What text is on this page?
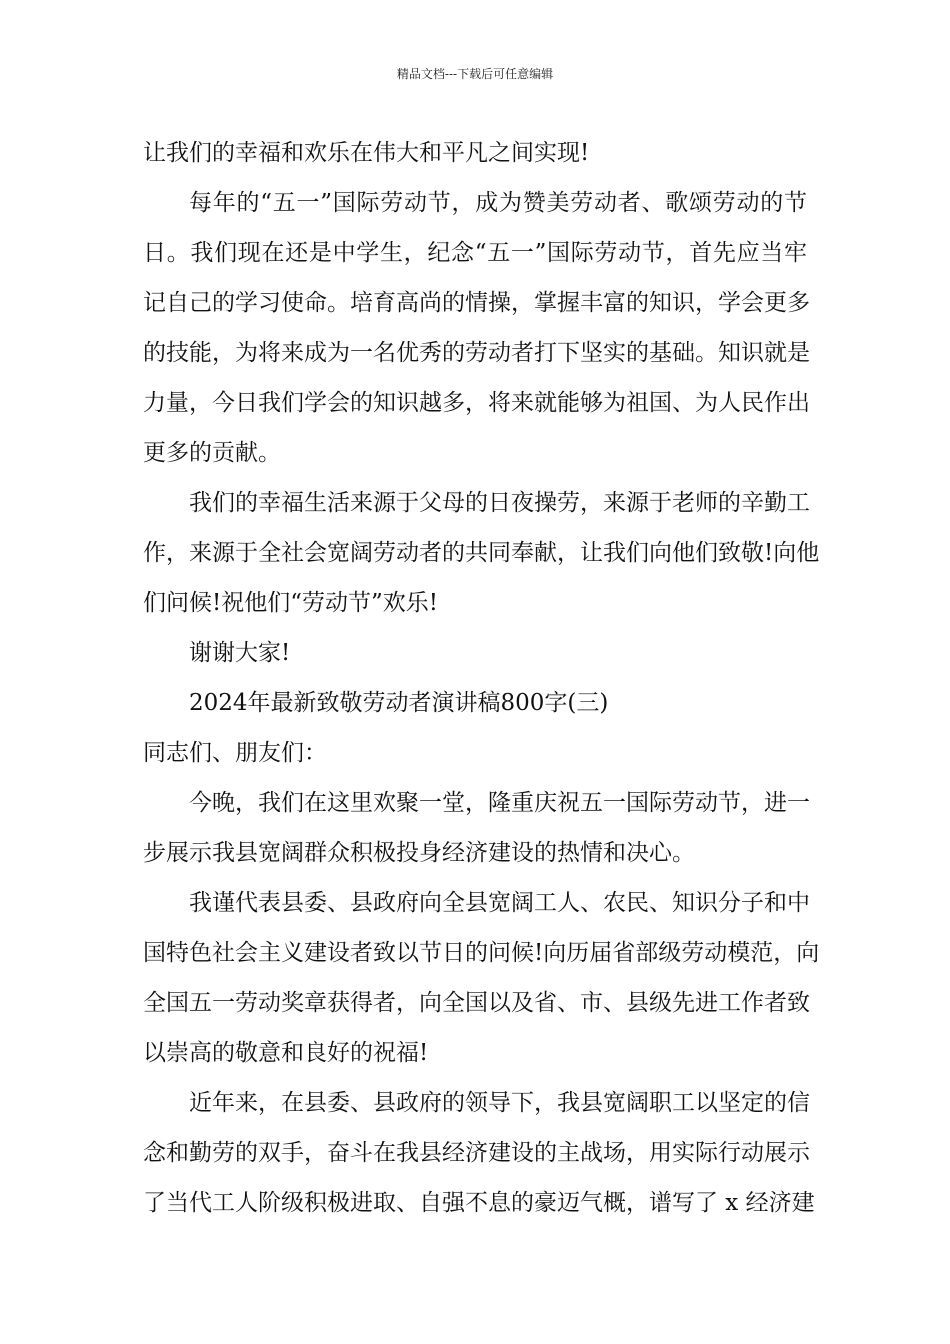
精品文档---下载后可任意编辑
让我们的幸福和欢乐在伟大和平凡之间实现!
每年的“五一”国际劳动节，成为赞美劳动者、歌颂劳动的节
日。我们现在还是中学生，纪念“五一”国际劳动节，首先应当牢
记自己的学习使命。培育高尚的情操，掌握丰富的知识，学会更多
的技能，为将来成为一名优秀的劳动者打下坚实的基础。知识就是
力量，今日我们学会的知识越多，将来就能够为祖国、为人民作出
更多的贡献。
我们的幸福生活来源于父母的日夜操劳，来源于老师的辛勤工
作，来源于全社会宽阔劳动者的共同奉献，让我们向他们致敬!向他
们问候!祝他们“劳动节”欢乐!
谢谢大家!
2024年最新致敬劳动者演讲稿800字(三)
同志们、朋友们：
今晚，我们在这里欢聚一堂，隆重庆祝五一国际劳动节，进一
步展示我县宽阔群众积极投身经济建设的热情和决心。
我谨代表县委、县政府向全县宽阔工人、农民、知识分子和中
国特色社会主义建设者致以节日的问候!向历届省部级劳动模范，向
全国五一劳动奖章获得者，向全国以及省、市、县级先进工作者致
以崇高的敬意和良好的祝福!
近年来，在县委、县政府的领导下，我县宽阔职工以坚定的信
念和勤劳的双手，奋斗在我县经济建设的主战场，用实际行动展示
了当代工人阶级积极进取、自强不息的豪迈气概，谱写了 x 经济建
